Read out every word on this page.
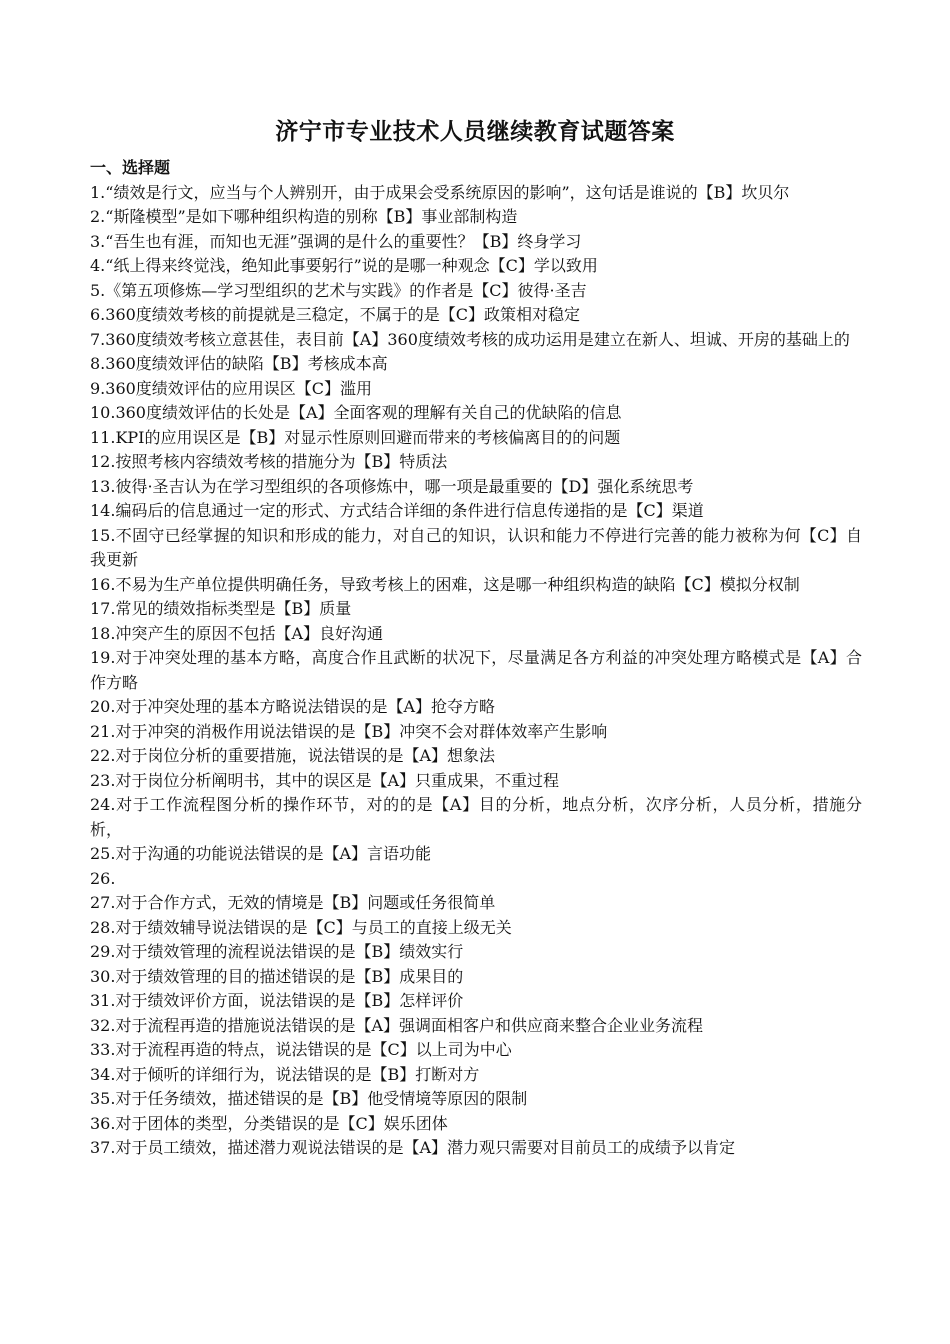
济宁市专业技术人员继续教育试题答案

一、选择题

1.“绩效是行文，应当与个人辨别开，由于成果会受系统原因的影响”，这句话是谁说的【B】坎贝尔
2.“斯隆模型”是如下哪种组织构造的别称【B】事业部制构造
3.“吾生也有涯，而知也无涯”强调的是什么的重要性？【B】终身学习
4.“纸上得来终觉浅，绝知此事要躬行”说的是哪一种观念【C】学以致用
5.《第五项修炼—学习型组织的艺术与实践》的作者是【C】彼得·圣吉
6.360度绩效考核的前提就是三稳定，不属于的是【C】政策相对稳定
7.360度绩效考核立意甚佳，表目前【A】360度绩效考核的成功运用是建立在新人、坦诚、开房的基础上的
8.360度绩效评估的缺陷【B】考核成本高
9.360度绩效评估的应用误区【C】滥用
10.360度绩效评估的长处是【A】全面客观的理解有关自己的优缺陷的信息
11.KPI的应用误区是【B】对显示性原则回避而带来的考核偏离目的的问题
12.按照考核内容绩效考核的措施分为【B】特质法
13.彼得·圣吉认为在学习型组织的各项修炼中，哪一项是最重要的【D】强化系统思考
14.编码后的信息通过一定的形式、方式结合详细的条件进行信息传递指的是【C】渠道
15.不固守已经掌握的知识和形成的能力，对自己的知识，认识和能力不停进行完善的能力被称为何【C】自我更新
16.不易为生产单位提供明确任务，导致考核上的困难，这是哪一种组织构造的缺陷【C】模拟分权制
17.常见的绩效指标类型是【B】质量
18.冲突产生的原因不包括【A】良好沟通
19.对于冲突处理的基本方略，高度合作且武断的状况下，尽量满足各方利益的冲突处理方略模式是【A】合作方略
20.对于冲突处理的基本方略说法错误的是【A】抢夺方略
21.对于冲突的消极作用说法错误的是【B】冲突不会对群体效率产生影响
22.对于岗位分析的重要措施，说法错误的是【A】想象法
23.对于岗位分析阐明书，其中的误区是【A】只重成果，不重过程
24.对于工作流程图分析的操作环节，对的的是【A】目的分析，地点分析，次序分析，人员分析，措施分析，
25.对于沟通的功能说法错误的是【A】言语功能
26.
27.对于合作方式，无效的情境是【B】问题或任务很简单
28.对于绩效辅导说法错误的是【C】与员工的直接上级无关
29.对于绩效管理的流程说法错误的是【B】绩效实行
30.对于绩效管理的目的描述错误的是【B】成果目的
31.对于绩效评价方面，说法错误的是【B】怎样评价
32.对于流程再造的措施说法错误的是【A】强调面相客户和供应商来整合企业业务流程
33.对于流程再造的特点，说法错误的是【C】以上司为中心
34.对于倾听的详细行为，说法错误的是【B】打断对方
35.对于任务绩效，描述错误的是【B】他受情境等原因的限制
36.对于团体的类型，分类错误的是【C】娱乐团体
37.对于员工绩效，描述潜力观说法错误的是【A】潜力观只需要对目前员工的成绩予以肯定
